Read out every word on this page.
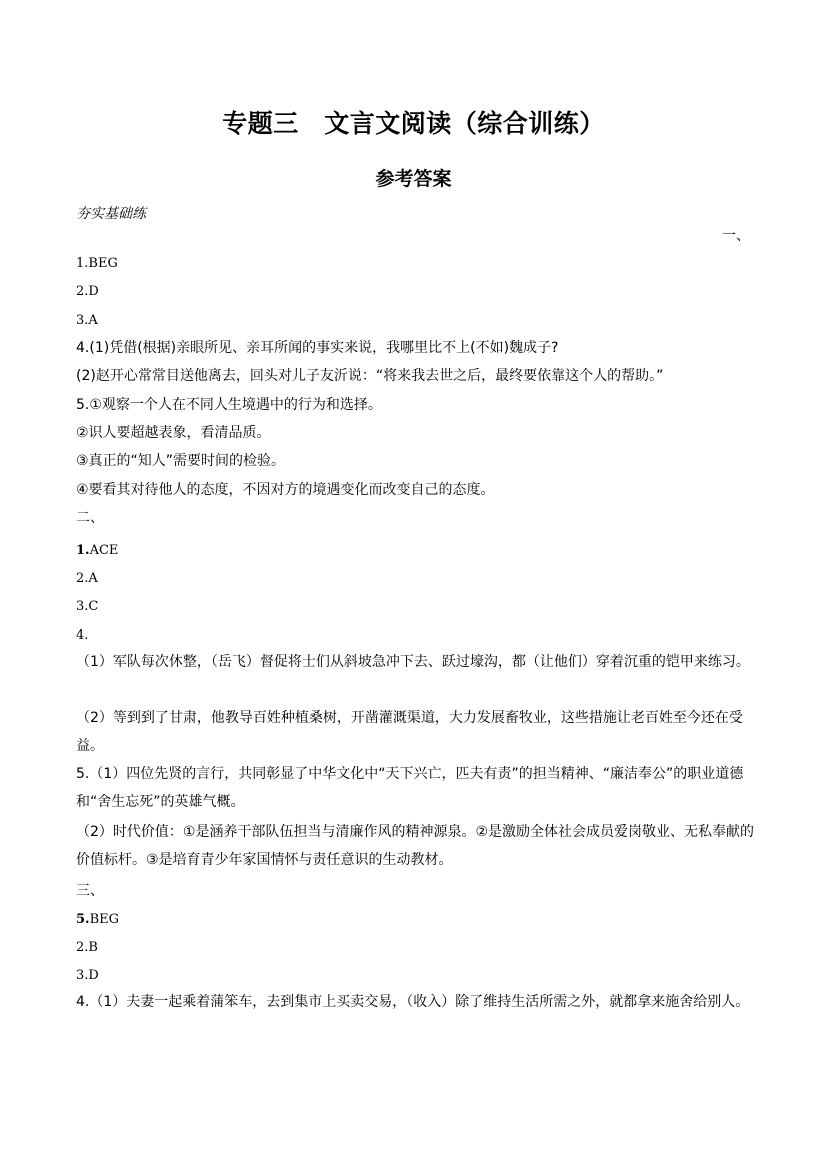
专题三　文言文阅读（综合训练）
参考答案
夯实基础练
一、
1.BEG
2.D
3.A
4.(1)凭借(根据)亲眼所见、亲耳所闻的事实来说，我哪里比不上(不如)魏成子?
(2)赵开心常常目送他离去，回头对儿子友沂说：“将来我去世之后，最终要依靠这个人的帮助。”
5.①观察一个人在不同人生境遇中的行为和选择。
②识人要超越表象，看清品质。
③真正的“知人”需要时间的检验。
④要看其对待他人的态度，不因对方的境遇变化而改变自己的态度。
二、
1.ACE
2.A
3.C
4.
（1）军队每次休整，（岳飞）督促将士们从斜坡急冲下去、跃过壕沟，都（让他们）穿着沉重的铠甲来练习。
（2）等到到了甘肃，他教导百姓种植桑树，开凿灌溉渠道，大力发展畜牧业，这些措施让老百姓至今还在受益。
5.（1）四位先贤的言行，共同彰显了中华文化中“天下兴亡，匹夫有责”的担当精神、“廉洁奉公”的职业道德和“舍生忘死”的英雄气概。
（2）时代价值：①是涵养干部队伍担当与清廉作风的精神源泉。②是激励全体社会成员爱岗敬业、无私奉献的价值标杆。③是培育青少年家国情怀与责任意识的生动教材。
三、
5.BEG
2.B
3.D
4.（1）夫妻一起乘着蒲笨车，去到集市上买卖交易，（收入）除了维持生活所需之外，就都拿来施舍给别人。
